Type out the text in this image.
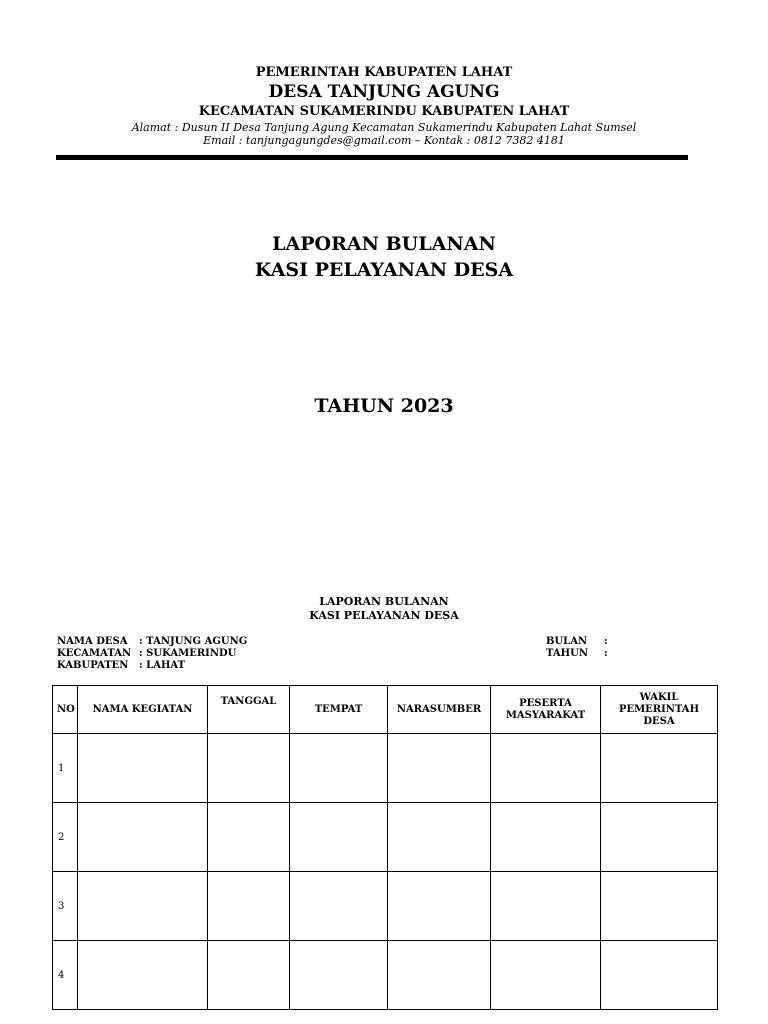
PEMERINTAH KABUPATEN LAHAT
DESA TANJUNG AGUNG
KECAMATAN SUKAMERINDU KABUPATEN LAHAT
Alamat : Dusun II Desa Tanjung Agung Kecamatan Sukamerindu Kabupaten Lahat Sumsel
Email : tanjungagungdes@gmail.com – Kontak : 0812 7382 4181
LAPORAN BULANAN
KASI PELAYANAN DESA
TAHUN 2023
LAPORAN BULANAN
KASI PELAYANAN DESA
NAMA DESA : TANJUNG AGUNG
KECAMATAN : SUKAMERINDU
KABUPATEN : LAHAT
BULAN :
TAHUN :
NO	NAMA KEGIATAN	TANGGAL	TEMPAT	NARASUMBER	PESERTA MASYARAKAT	WAKIL PEMERINTAH DESA
1						
2						
3						
4						
